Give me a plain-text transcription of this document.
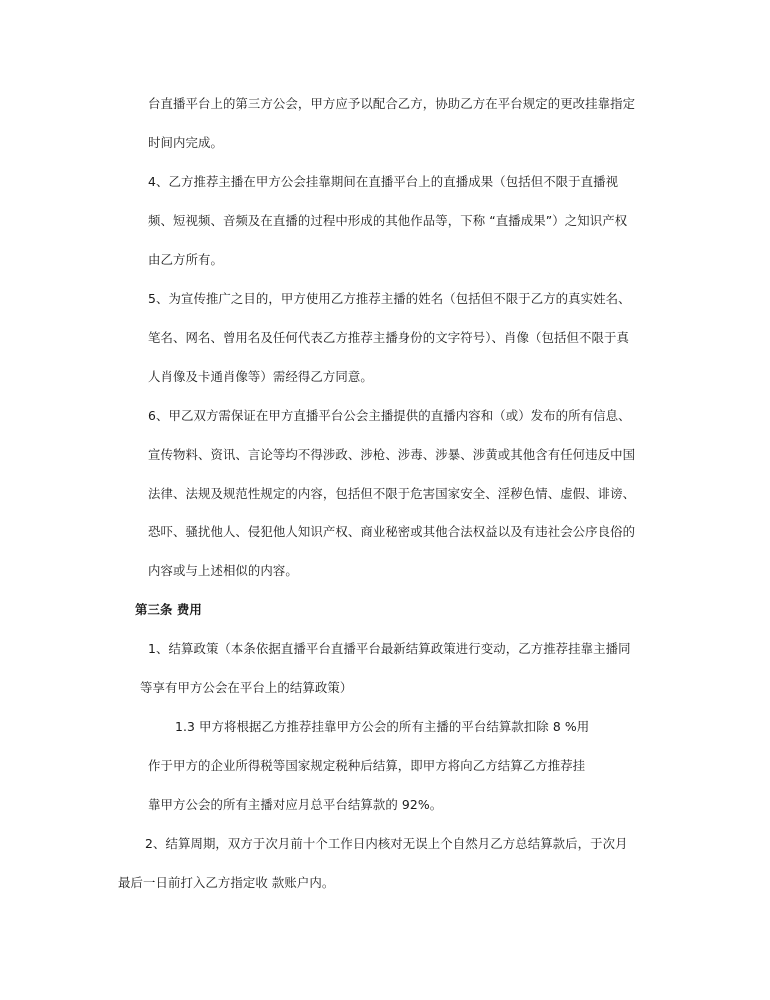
台直播平台上的第三方公会，甲方应予以配合乙方，协助乙方在平台规定的更改挂靠指定
时间内完成。
4、乙方推荐主播在甲方公会挂靠期间在直播平台上的直播成果（包括但不限于直播视
频、短视频、音频及在直播的过程中形成的其他作品等，下称 “直播成果”）之知识产权
由乙方所有。
5、为宣传推广之目的，甲方使用乙方推荐主播的姓名（包括但不限于乙方的真实姓名、
笔名、网名、曾用名及任何代表乙方推荐主播身份的文字符号）、肖像（包括但不限于真
人肖像及卡通肖像等）需经得乙方同意。
6、甲乙双方需保证在甲方直播平台公会主播提供的直播内容和（或）发布的所有信息、
宣传物料、资讯、言论等均不得涉政、涉枪、涉毒、涉暴、涉黄或其他含有任何违反中国
法律、法规及规范性规定的内容，包括但不限于危害国家安全、淫秽色情、虚假、诽谤、
恐吓、骚扰他人、侵犯他人知识产权、商业秘密或其他合法权益以及有违社会公序良俗的
内容或与上述相似的内容。
第三条 费用
1、结算政策（本条依据直播平台直播平台最新结算政策进行变动，乙方推荐挂靠主播同
等享有甲方公会在平台上的结算政策）
1.3 甲方将根据乙方推荐挂靠甲方公会的所有主播的平台结算款扣除 8 %用
作于甲方的企业所得税等国家规定税种后结算，即甲方将向乙方结算乙方推荐挂
靠甲方公会的所有主播对应月总平台结算款的 92%。
2、结算周期，双方于次月前十个工作日内核对无误上个自然月乙方总结算款后，于次月
最后一日前打入乙方指定收 款账户内。
